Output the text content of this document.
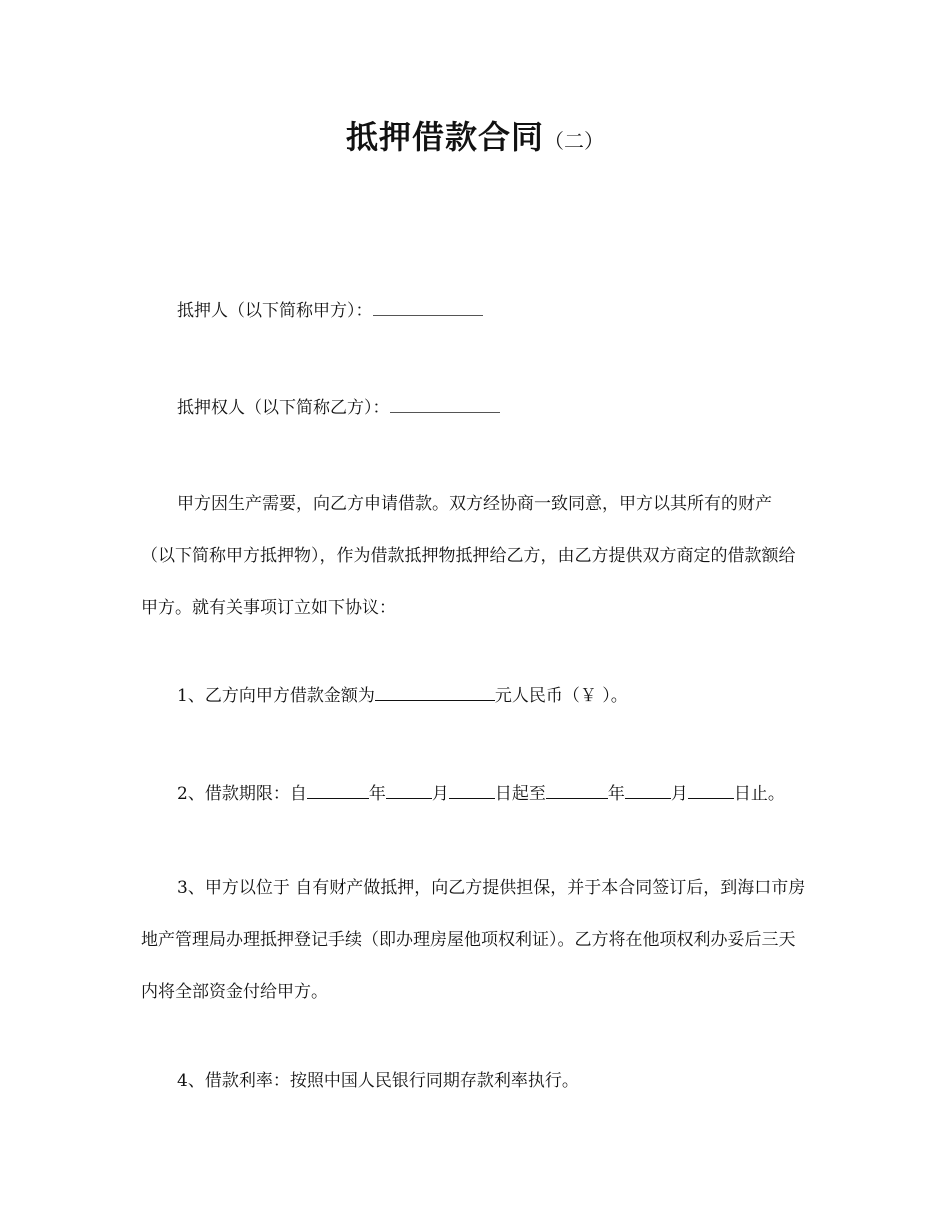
抵押借款合同（二）

抵押人（以下简称甲方）：

抵押权人（以下简称乙方）：

甲方因生产需要，向乙方申请借款。双方经协商一致同意，甲方以其所有的财产 （以下简称甲方抵押物），作为借款抵押物抵押给乙方，由乙方提供双方商定的借款额给甲方。就有关事项订立如下协议：

1、乙方向甲方借款金额为	元人民币（￥ ）。

2、借款期限：自	年	月	日起至	年	月	日止。

3、甲方以位于 自有财产做抵押，向乙方提供担保，并于本合同签订后，到海口市房地产管理局办理抵押登记手续（即办理房屋他项权利证）。乙方将在他项权利办妥后三天内将全部资金付给甲方。

4、借款利率：按照中国人民银行同期存款利率执行。
